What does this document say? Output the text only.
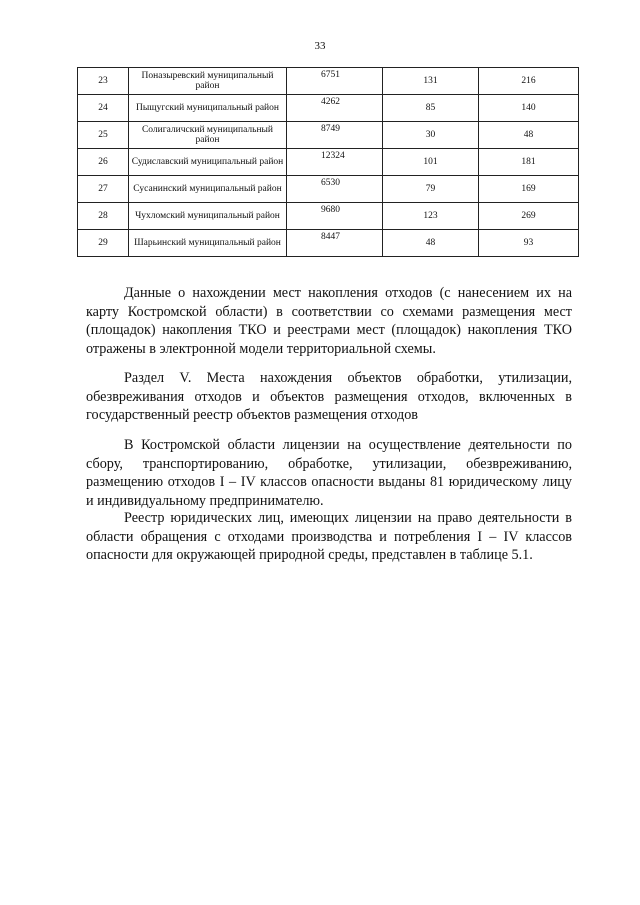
33
23	Поназыревский муниципальный район	6751	131	216
24	Пыщугский муниципальный район	4262	85	140
25	Солигаличский муниципальный район	8749	30	48
26	Судиславский муниципальный район	12324	101	181
27	Сусанинский муниципальный район	6530	79	169
28	Чухломский муниципальный район	9680	123	269
29	Шарьинский муниципальный район	8447	48	93

Данные о нахождении мест накопления отходов (с нанесением их на карту Костромской области) в соответствии со схемами размещения мест (площадок) накопления ТКО и реестрами мест (площадок) накопления ТКО отражены в электронной модели территориальной схемы.

Раздел V. Места нахождения объектов обработки, утилизации, обезвреживания отходов и объектов размещения отходов, включенных в государственный реестр объектов размещения отходов

В Костромской области лицензии на осуществление деятельности по сбору, транспортированию, обработке, утилизации, обезвреживанию, размещению отходов I – IV классов опасности выданы 81 юридическому лицу и индивидуальному предпринимателю.

Реестр юридических лиц, имеющих лицензии на право деятельности в области обращения с отходами производства и потребления I – IV классов опасности для окружающей природной среды, представлен в таблице 5.1.
